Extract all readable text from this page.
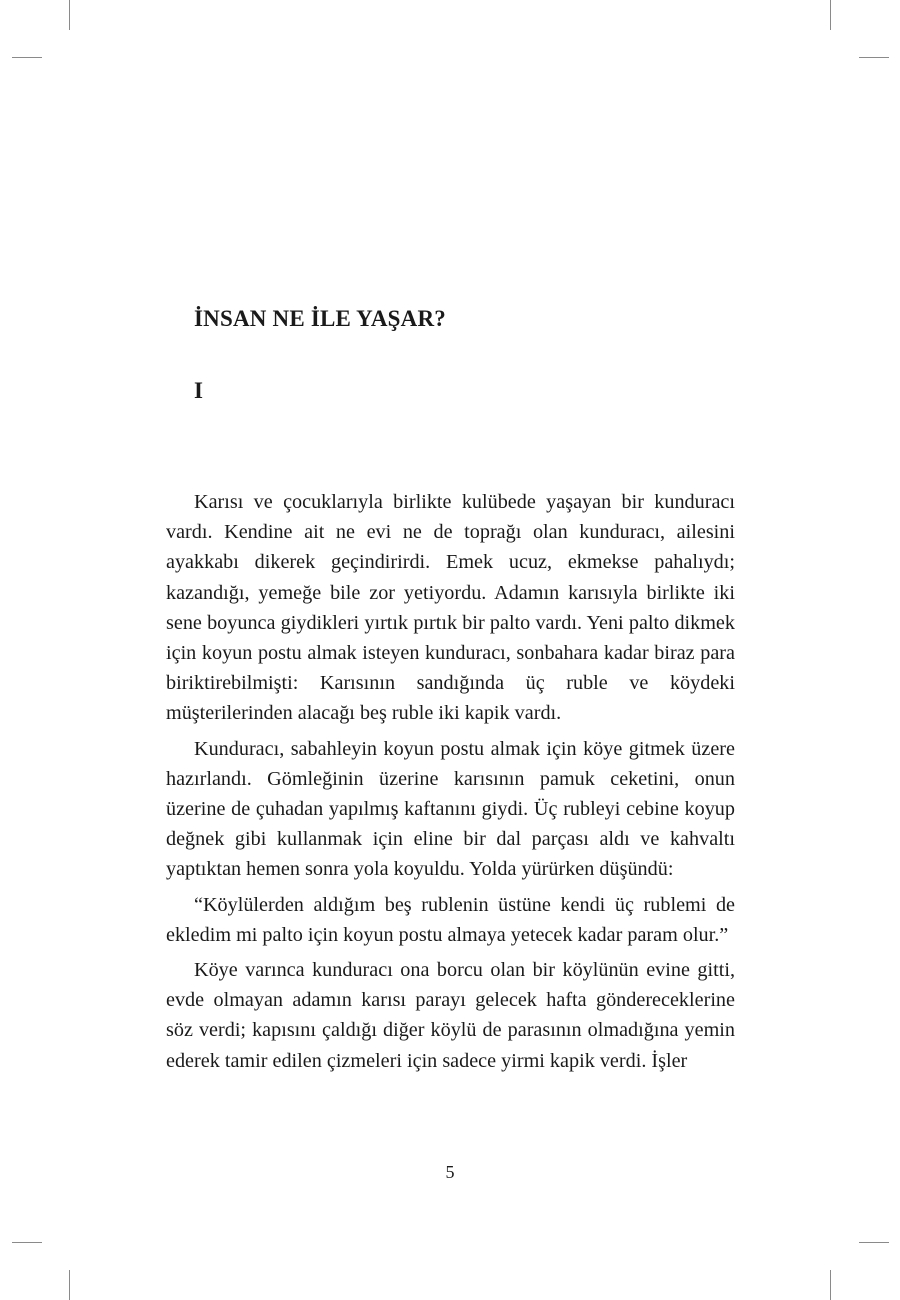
İNSAN NE İLE YAŞAR?
I

Karısı ve çocuklarıyla birlikte kulübede yaşayan bir kunduracı vardı. Kendine ait ne evi ne de toprağı olan kunduracı, ailesini ayakkabı dikerek geçindirirdi. Emek ucuz, ekmekse pahalıydı; kazandığı, yemeğe bile zor yetiyordu. Adamın karısıyla birlikte iki sene boyunca giydikleri yırtık pırtık bir palto vardı. Yeni palto dikmek için koyun postu almak isteyen kunduracı, sonbahara kadar biraz para biriktirebilmişti: Karısının sandığında üç ruble ve köydeki müşterilerinden alacağı beş ruble iki kapik vardı.

Kunduracı, sabahleyin koyun postu almak için köye gitmek üzere hazırlandı. Gömleğinin üzerine karısının pamuk ceketini, onun üzerine de çuhadan yapılmış kaftanını giydi. Üç rubleyi cebine koyup değnek gibi kullanmak için eline bir dal parçası aldı ve kahvaltı yaptıktan hemen sonra yola koyuldu. Yolda yürürken düşündü:

“Köylülerden aldığım beş rublenin üstüne kendi üç rublemi de ekledim mi palto için koyun postu almaya yetecek kadar param olur.”

Köye varınca kunduracı ona borcu olan bir köylünün evine gitti, evde olmayan adamın karısı parayı gelecek hafta göndereceklerine söz verdi; kapısını çaldığı diğer köylü de parasının olmadığına yemin ederek tamir edilen çizmeleri için sadece yirmi kapik verdi. İşler

5
